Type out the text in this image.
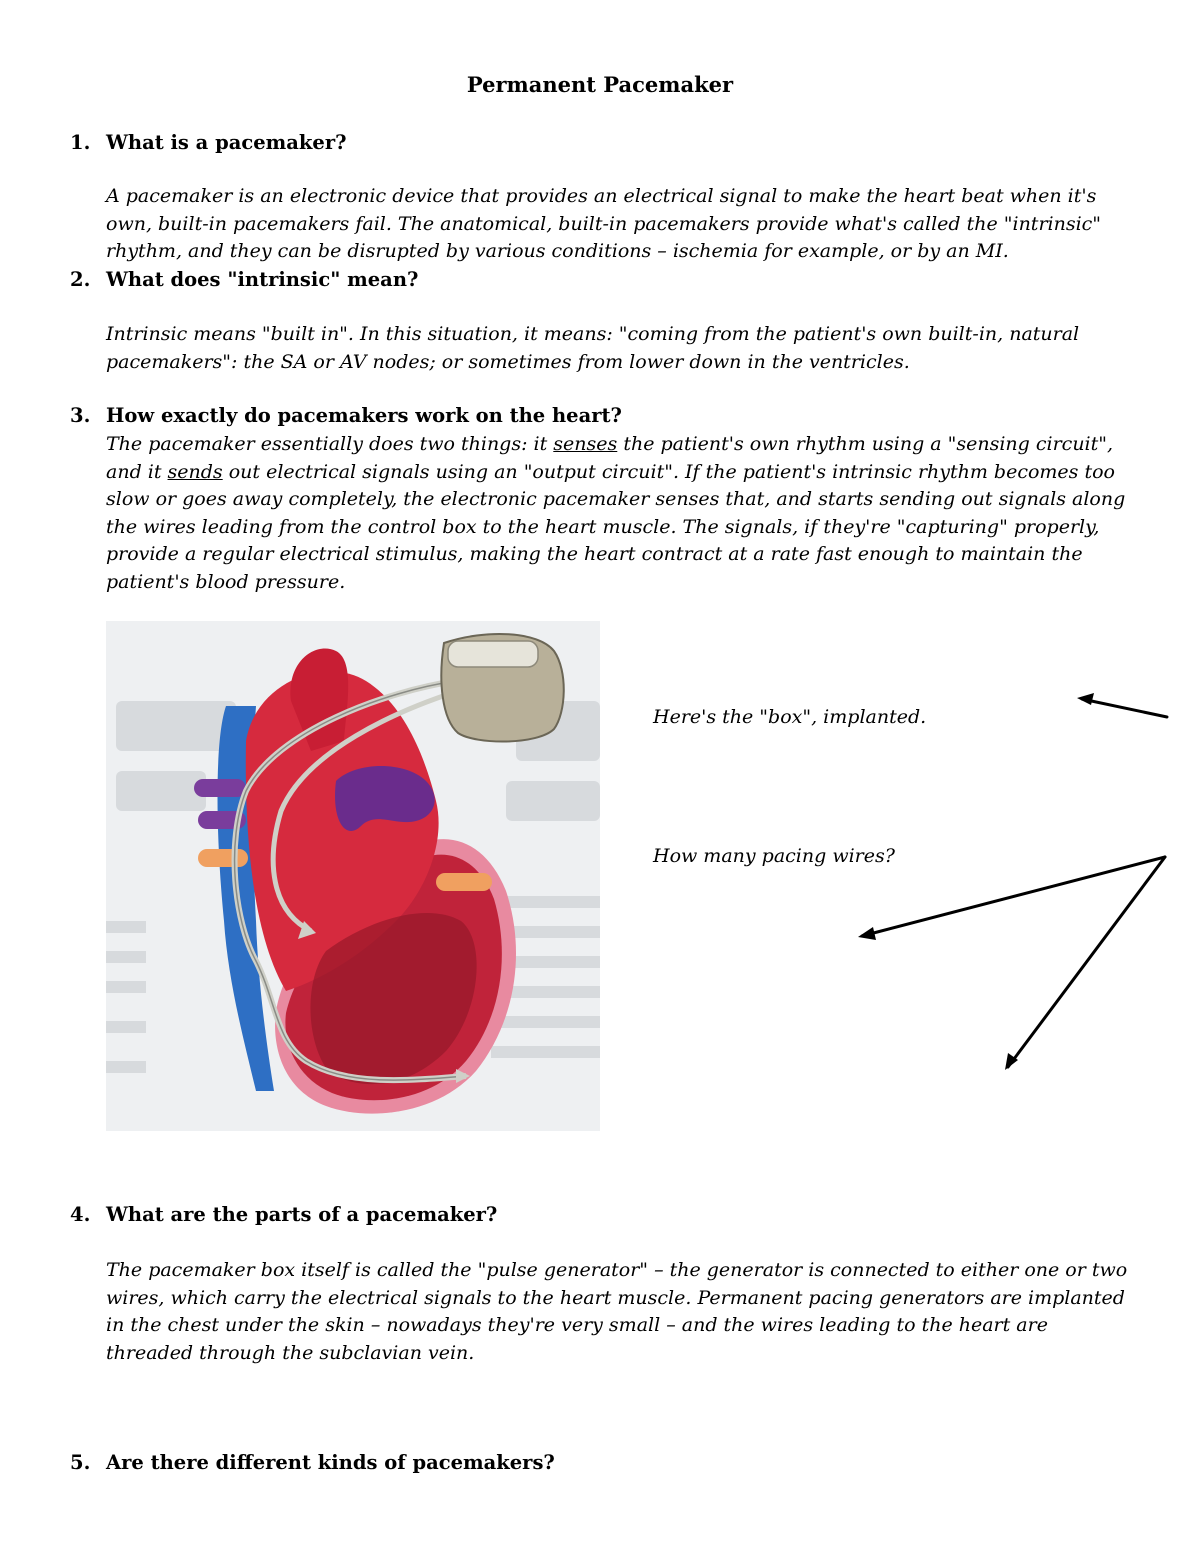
Permanent Pacemaker
1. What is a pacemaker?

A pacemaker is an electronic device that provides an electrical signal to make the heart beat when it's

own, built-in pacemakers fail. The anatomical, built-in pacemakers provide what's called the "intrinsic"

rhythm, and they can be disrupted by various conditions – ischemia for example, or by an MI.

2. What does "intrinsic" mean?

Intrinsic means "built in". In this situation, it means: "coming from the patient's own built-in, natural

pacemakers": the SA or AV nodes; or sometimes from lower down in the ventricles.

3. How exactly do pacemakers work on the heart?

The pacemaker essentially does two things: it senses the patient's own rhythm using a "sensing circuit",

and it sends out electrical signals using an "output circuit". If the patient's intrinsic rhythm becomes too

slow or goes away completely, the electronic pacemaker senses that, and starts sending out signals along

the wires leading from the control box to the heart muscle. The signals, if they're "capturing" properly,

provide a regular electrical stimulus, making the heart contract at a rate fast enough to maintain the

patient's blood pressure.

Here's the "box", implanted.
How many pacing wires?
4. What are the parts of a pacemaker?

The pacemaker box itself is called the "pulse generator" – the generator is connected to either one or two

wires, which carry the electrical signals to the heart muscle. Permanent pacing generators are implanted

in the chest under the skin – nowadays they're very small – and the wires leading to the heart are

threaded through the subclavian vein.

5. Are there different kinds of pacemakers?
